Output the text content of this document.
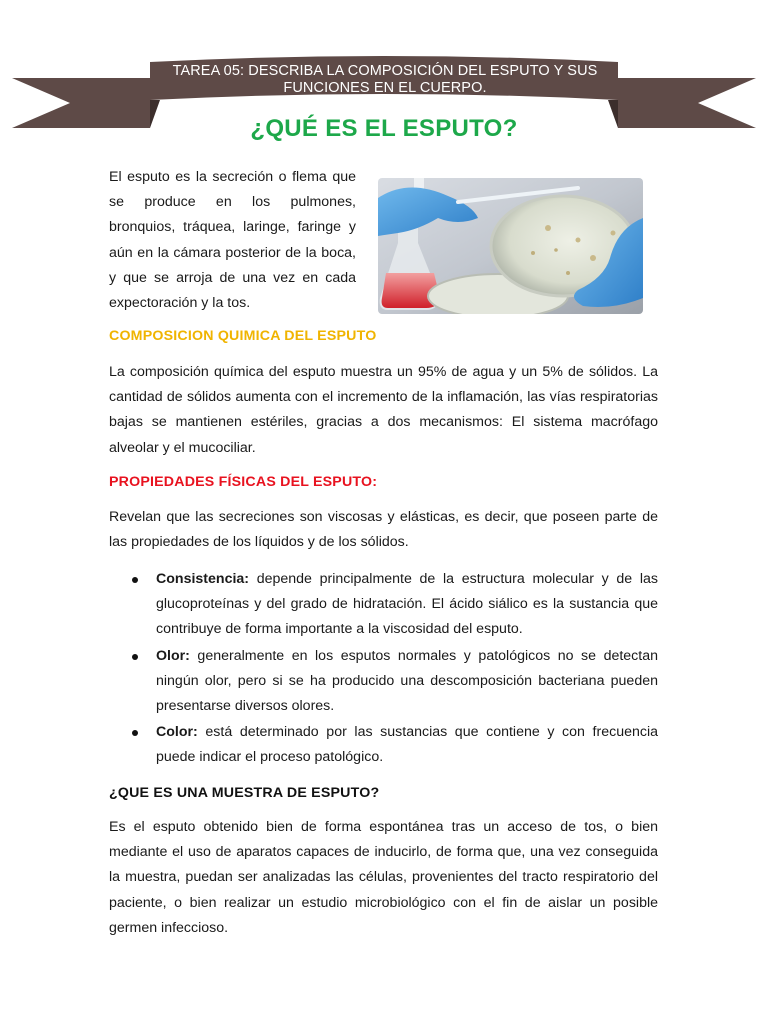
TAREA 05: DESCRIBA LA COMPOSICIÓN DEL ESPUTO Y SUS
FUNCIONES EN EL CUERPO.
¿QUÉ ES EL ESPUTO?
El esputo es la secreción o flema que se produce en los pulmones, bronquios, tráquea, laringe, faringe y aún en la cámara posterior de la boca, y que se arroja de una vez en cada expectoración y la tos.
COMPOSICION QUIMICA DEL ESPUTO
La composición química del esputo muestra un 95% de agua y un 5% de sólidos. La cantidad de sólidos aumenta con el incremento de la inflamación, las vías respiratorias bajas se mantienen estériles, gracias a dos mecanismos: El sistema macrófago alveolar y el mucociliar.
PROPIEDADES FÍSICAS DEL ESPUTO:
Revelan que las secreciones son viscosas y elásticas, es decir, que poseen parte de las propiedades de los líquidos y de los sólidos.
Consistencia: depende principalmente de la estructura molecular y de las glucoproteínas y del grado de hidratación. El ácido siálico es la sustancia que contribuye de forma importante a la viscosidad del esputo.
Olor: generalmente en los esputos normales y patológicos no se detectan ningún olor, pero si se ha producido una descomposición bacteriana pueden presentarse diversos olores.
Color: está determinado por las sustancias que contiene y con frecuencia puede indicar el proceso patológico.
¿QUE ES UNA MUESTRA DE ESPUTO?
Es el esputo obtenido bien de forma espontánea tras un acceso de tos, o bien mediante el uso de aparatos capaces de inducirlo, de forma que, una vez conseguida la muestra, puedan ser analizadas las células, provenientes del tracto respiratorio del paciente, o bien realizar un estudio microbiológico con el fin de aislar un posible germen infeccioso.
